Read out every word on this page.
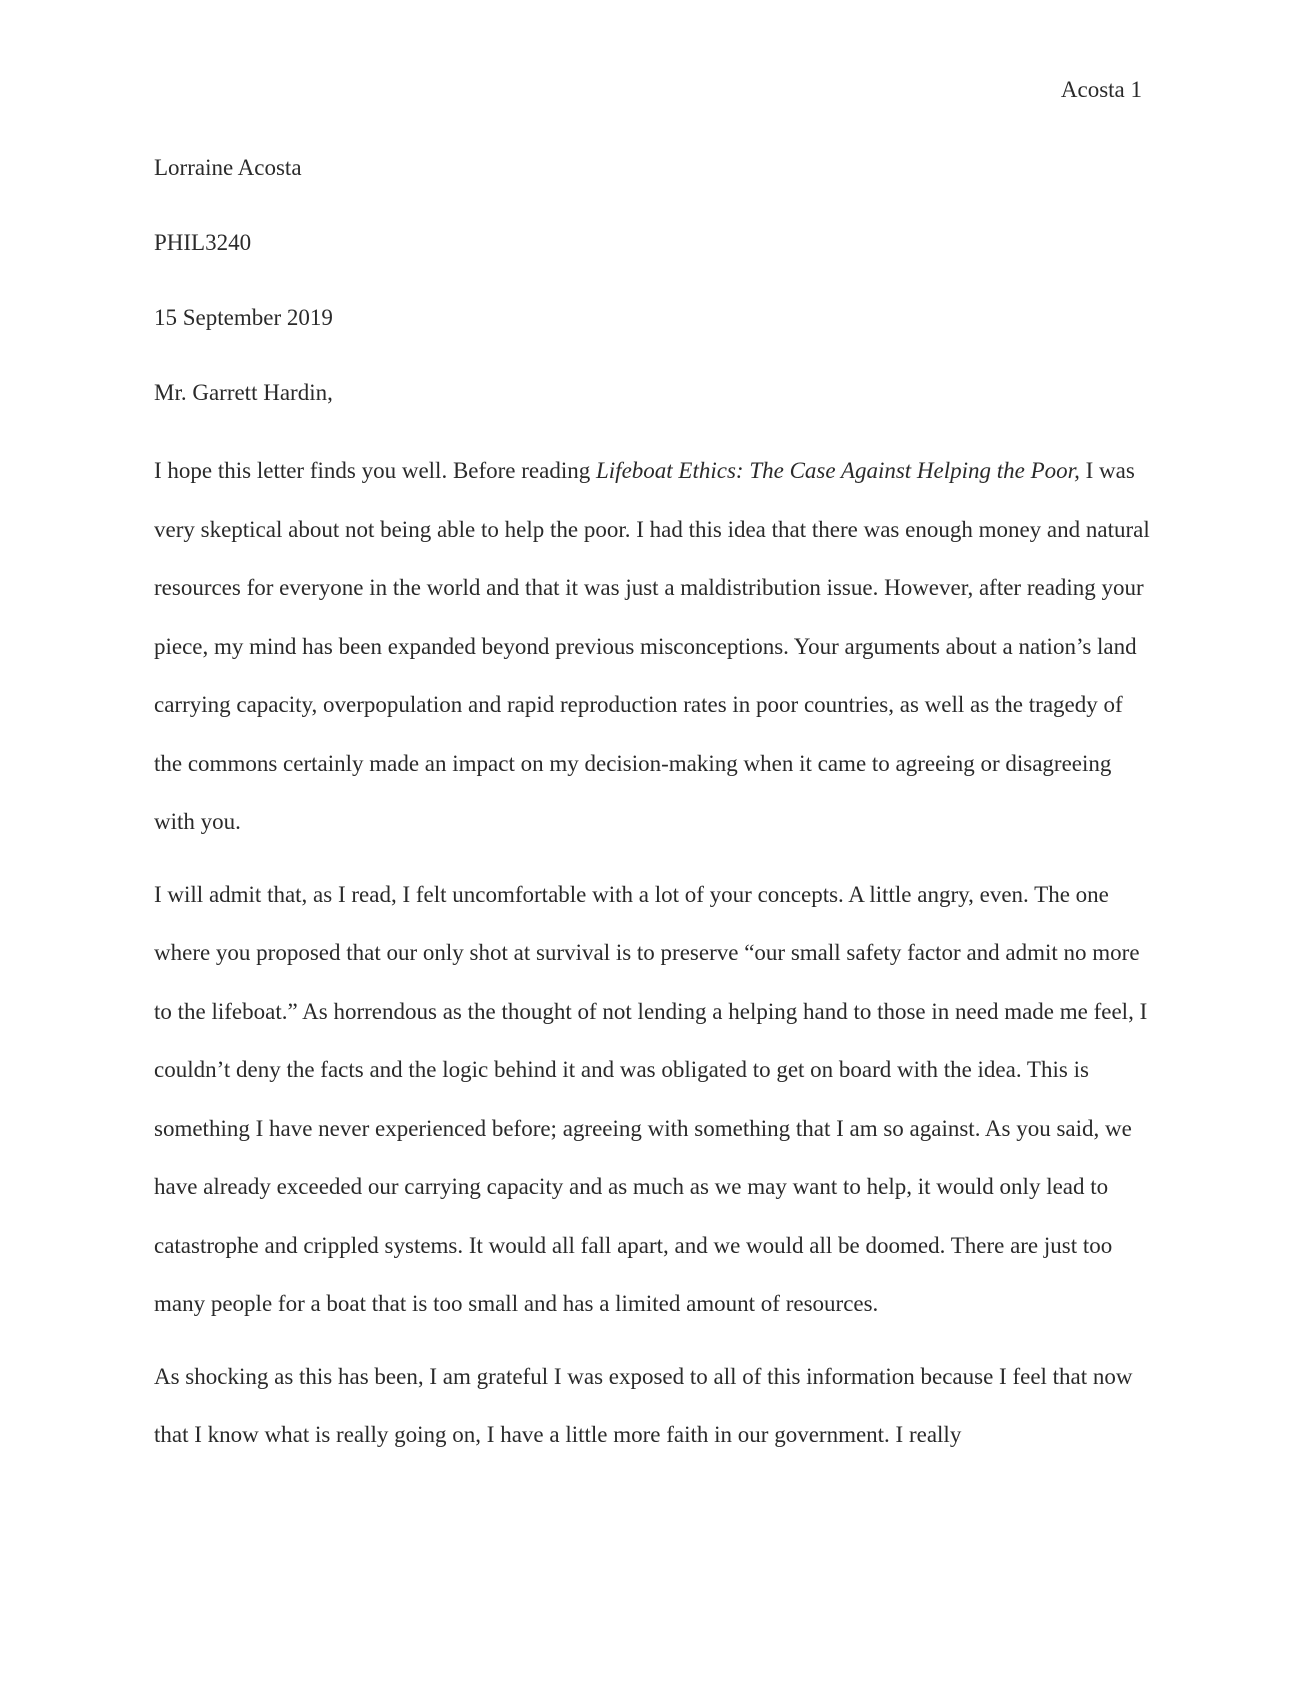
Acosta 1
Lorraine Acosta
PHIL3240
15 September 2019
Mr. Garrett Hardin,

I hope this letter finds you well. Before reading Lifeboat Ethics: The Case Against Helping the Poor, I was very skeptical about not being able to help the poor. I had this idea that there was enough money and natural resources for everyone in the world and that it was just a maldistribution issue. However, after reading your piece, my mind has been expanded beyond previous misconceptions. Your arguments about a nation’s land carrying capacity, overpopulation and rapid reproduction rates in poor countries, as well as the tragedy of the commons certainly made an impact on my decision-making when it came to agreeing or disagreeing with you.

I will admit that, as I read, I felt uncomfortable with a lot of your concepts. A little angry, even. The one where you proposed that our only shot at survival is to preserve “our small safety factor and admit no more to the lifeboat.” As horrendous as the thought of not lending a helping hand to those in need made me feel, I couldn’t deny the facts and the logic behind it and was obligated to get on board with the idea. This is something I have never experienced before; agreeing with something that I am so against. As you said, we have already exceeded our carrying capacity and as much as we may want to help, it would only lead to catastrophe and crippled systems. It would all fall apart, and we would all be doomed. There are just too many people for a boat that is too small and has a limited amount of resources.

As shocking as this has been, I am grateful I was exposed to all of this information because I feel that now that I know what is really going on, I have a little more faith in our government. I really
